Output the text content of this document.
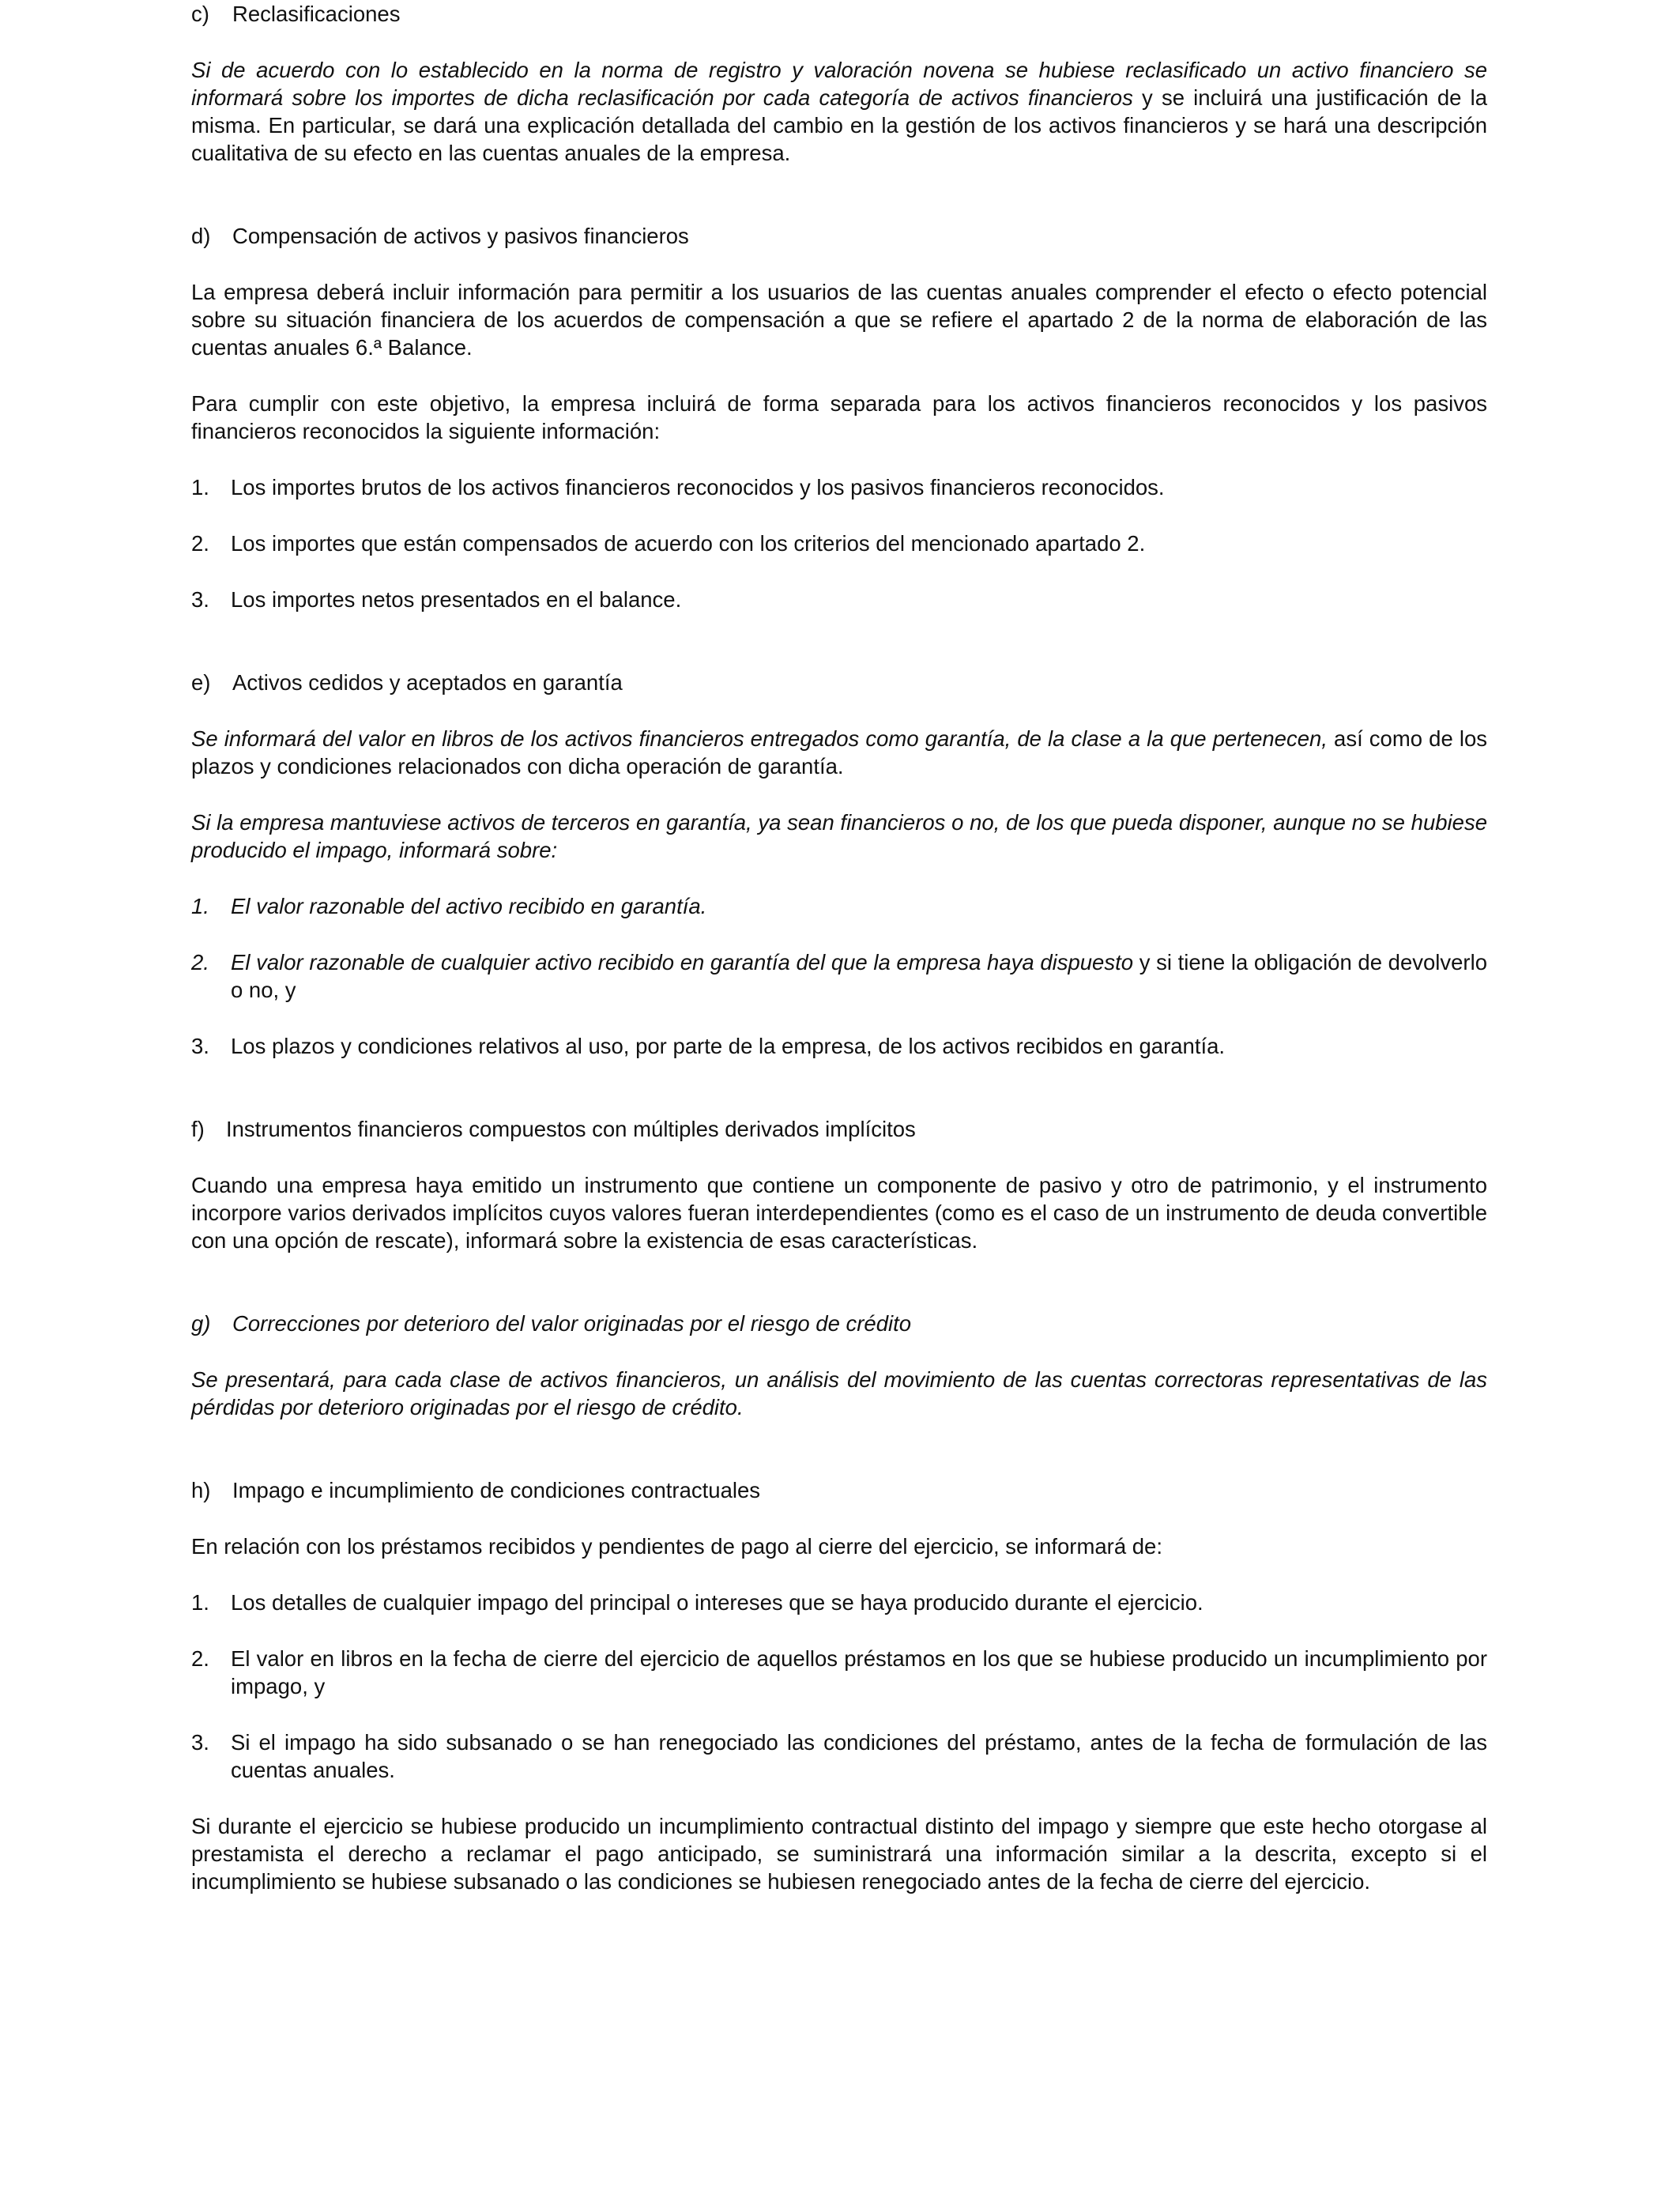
c)	Reclasificaciones

Si de acuerdo con lo establecido en la norma de registro y valoración novena se hubiese reclasificado un activo financiero se informará sobre los importes de dicha reclasificación por cada categoría de activos financieros y se incluirá una justificación de la misma. En particular, se dará una explicación detallada del cambio en la gestión de los activos financieros y se hará una descripción cualitativa de su efecto en las cuentas anuales de la empresa.

d)	Compensación de activos y pasivos financieros

La empresa deberá incluir información para permitir a los usuarios de las cuentas anuales comprender el efecto o efecto potencial sobre su situación financiera de los acuerdos de compensación a que se refiere el apartado 2 de la norma de elaboración de las cuentas anuales 6.ª Balance.

Para cumplir con este objetivo, la empresa incluirá de forma separada para los activos financieros reconocidos y los pasivos financieros reconocidos la siguiente información:

1. Los importes brutos de los activos financieros reconocidos y los pasivos financieros reconocidos.
2. Los importes que están compensados de acuerdo con los criterios del mencionado apartado 2.
3. Los importes netos presentados en el balance.
e)	Activos cedidos y aceptados en garantía

Se informará del valor en libros de los activos financieros entregados como garantía, de la clase a la que pertenecen, así como de los plazos y condiciones relacionados con dicha operación de garantía.

Si la empresa mantuviese activos de terceros en garantía, ya sean financieros o no, de los que pueda disponer, aunque no se hubiese producido el impago, informará sobre:

1. El valor razonable del activo recibido en garantía.
2. El valor razonable de cualquier activo recibido en garantía del que la empresa haya dispuesto y si tiene la obligación de devolverlo o no, y
3. Los plazos y condiciones relativos al uso, por parte de la empresa, de los activos recibidos en garantía.
f) Instrumentos financieros compuestos con múltiples derivados implícitos

Cuando una empresa haya emitido un instrumento que contiene un componente de pasivo y otro de patrimonio, y el instrumento incorpore varios derivados implícitos cuyos valores fueran interdependientes (como es el caso de un instrumento de deuda convertible con una opción de rescate), informará sobre la existencia de esas características.

g)	Correcciones por deterioro del valor originadas por el riesgo de crédito

Se presentará, para cada clase de activos financieros, un análisis del movimiento de las cuentas correctoras representativas de las pérdidas por deterioro originadas por el riesgo de crédito.

h)	Impago e incumplimiento de condiciones contractuales

En relación con los préstamos recibidos y pendientes de pago al cierre del ejercicio, se informará de:

1. Los detalles de cualquier impago del principal o intereses que se haya producido durante el ejercicio.
2. El valor en libros en la fecha de cierre del ejercicio de aquellos préstamos en los que se hubiese producido un incumplimiento por impago, y
3. Si el impago ha sido subsanado o se han renegociado las condiciones del préstamo, antes de la fecha de formulación de las cuentas anuales.

Si durante el ejercicio se hubiese producido un incumplimiento contractual distinto del impago y siempre que este hecho otorgase al prestamista el derecho a reclamar el pago anticipado, se suministrará una información similar a la descrita, excepto si el incumplimiento se hubiese subsanado o las condiciones se hubiesen renegociado antes de la fecha de cierre del ejercicio.
